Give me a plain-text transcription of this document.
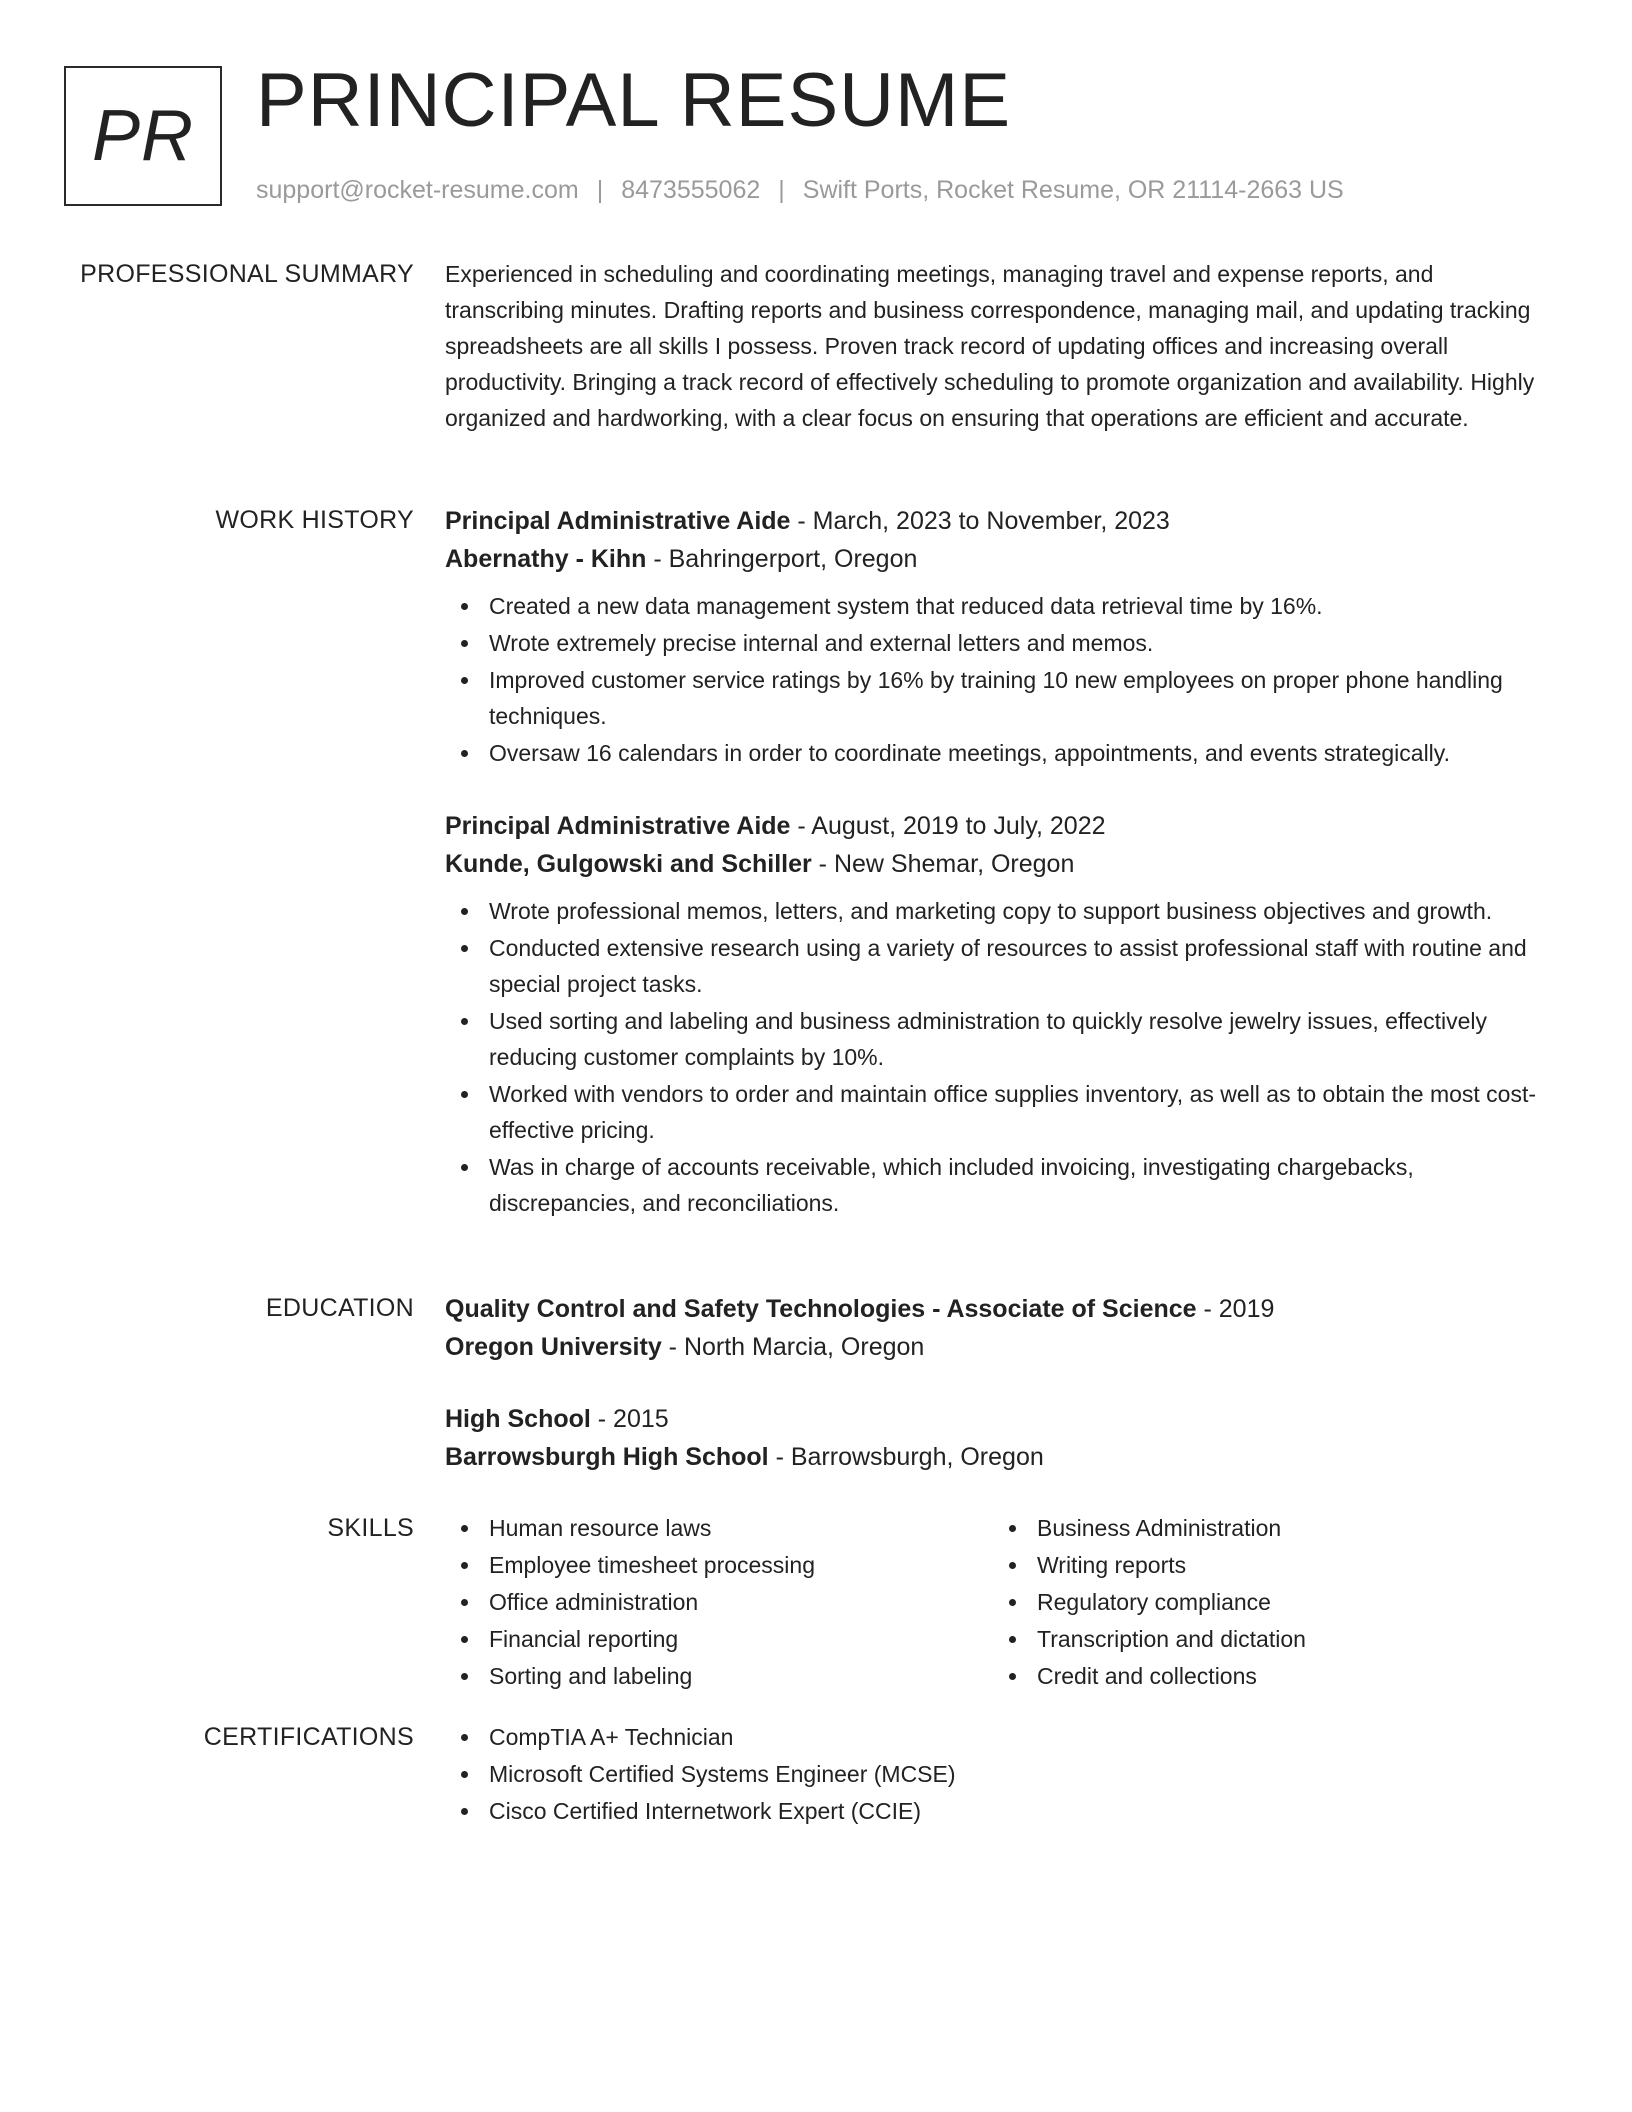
PR PRINCIPAL RESUME
support@rocket-resume.com | 8473555062 | Swift Ports, Rocket Resume, OR 21114-2663 US
PROFESSIONAL SUMMARY Experienced in scheduling and coordinating meetings, managing travel and expense reports, and transcribing minutes. Drafting reports and business correspondence, managing mail, and updating tracking spreadsheets are all skills I possess. Proven track record of updating offices and increasing overall productivity. Bringing a track record of effectively scheduling to promote organization and availability. Highly organized and hardworking, with a clear focus on ensuring that operations are efficient and accurate.
WORK HISTORY Principal Administrative Aide - March, 2023 to November, 2023
Abernathy - Kihn - Bahringerport, Oregon
Created a new data management system that reduced data retrieval time by 16%.
Wrote extremely precise internal and external letters and memos.
Improved customer service ratings by 16% by training 10 new employees on proper phone handling techniques.
Oversaw 16 calendars in order to coordinate meetings, appointments, and events strategically.
Principal Administrative Aide - August, 2019 to July, 2022
Kunde, Gulgowski and Schiller - New Shemar, Oregon
Wrote professional memos, letters, and marketing copy to support business objectives and growth.
Conducted extensive research using a variety of resources to assist professional staff with routine and special project tasks.
Used sorting and labeling and business administration to quickly resolve jewelry issues, effectively reducing customer complaints by 10%.
Worked with vendors to order and maintain office supplies inventory, as well as to obtain the most cost-effective pricing.
Was in charge of accounts receivable, which included invoicing, investigating chargebacks, discrepancies, and reconciliations.
EDUCATION Quality Control and Safety Technologies - Associate of Science - 2019
Oregon University - North Marcia, Oregon
High School - 2015
Barrowsburgh High School - Barrowsburgh, Oregon
SKILLS	Human resource laws
Employee timesheet processing
Office administration
Financial reporting
Sorting and labeling
Business Administration
Writing reports
Regulatory compliance
Transcription and dictation
Credit and collections
CERTIFICATIONS	CompTIA A+ Technician
Microsoft Certified Systems Engineer (MCSE)
Cisco Certified Internetwork Expert (CCIE)
